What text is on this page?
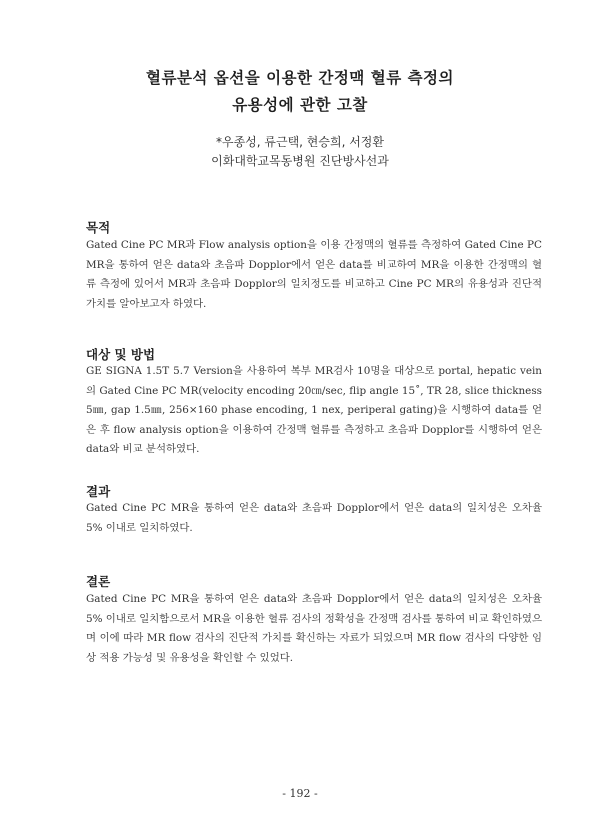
혈류분석 옵션을 이용한 간정맥 혈류 측정의
유용성에 관한 고찰
*우종성, 류근택, 현승희, 서정환
이화대학교목동병원 진단방사선과
목적
Gated Cine PC MR과 Flow analysis option을 이용 간정맥의 혈류를 측정하여 Gated Cine PC MR을 통하여 얻은 data와 초음파 Dopplor에서 얻은 data를 비교하여 MR을 이용한 간정맥의 혈류 측정에 있어서 MR과 초음파 Dopplor의 일치정도를 비교하고 Cine PC MR의 유용성과 진단적 가치를 알아보고자 하였다.
대상 및 방법
GE SIGNA 1.5T 5.7 Version을 사용하여 복부 MR검사 10명을 대상으로 portal, hepatic vein의 Gated Cine PC MR(velocity encoding 20㎝/sec, flip angle 15˚, TR 28, slice thickness 5㎜, gap 1.5㎜, 256×160 phase encoding, 1 nex, periperal gating)을 시행하여 data를 얻은 후 flow analysis option을 이용하여 간정맥 혈류를 측정하고 초음파 Dopplor를 시행하여 얻은 data와 비교 분석하였다.
결과
Gated Cine PC MR을 통하여 얻은 data와 초음파 Dopplor에서 얻은 data의 일치성은 오차율 5% 이내로 일치하였다.
결론
Gated Cine PC MR을 통하여 얻은 data와 초음파 Dopplor에서 얻은 data의 일치성은 오차율 5% 이내로 일치함으로서 MR을 이용한 혈류 검사의 정확성을 간정맥 검사를 통하여 비교 확인하였으며 이에 따라 MR flow 검사의 진단적 가치를 확신하는 자료가 되었으며 MR flow 검사의 다양한 임상 적용 가능성 및 유용성을 확인할 수 있었다.
- 192 -
